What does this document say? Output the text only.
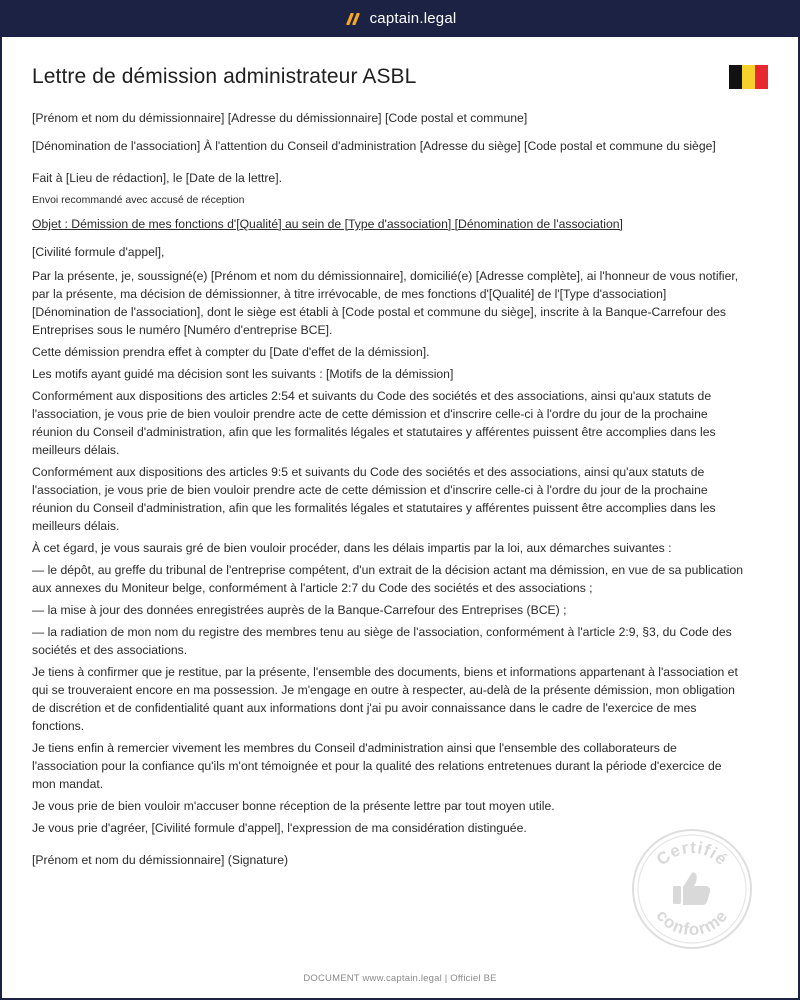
captain.legal
Lettre de démission administrateur ASBL

[Prénom et nom du démissionnaire] [Adresse du démissionnaire] [Code postal et commune]

[Dénomination de l'association] À l'attention du Conseil d'administration [Adresse du siège] [Code postal et commune du siège]

Fait à [Lieu de rédaction], le [Date de la lettre].

Envoi recommandé avec accusé de réception

Objet : Démission de mes fonctions d'[Qualité] au sein de [Type d'association] [Dénomination de l'association]

[Civilité formule d'appel],

Par la présente, je, soussigné(e) [Prénom et nom du démissionnaire], domicilié(e) [Adresse complète], ai l'honneur de vous notifier, par la présente, ma décision de démissionner, à titre irrévocable, de mes fonctions d'[Qualité] de l'[Type d'association] [Dénomination de l'association], dont le siège est établi à [Code postal et commune du siège], inscrite à la Banque-Carrefour des Entreprises sous le numéro [Numéro d'entreprise BCE].

Cette démission prendra effet à compter du [Date d'effet de la démission].

Les motifs ayant guidé ma décision sont les suivants : [Motifs de la démission]

Conformément aux dispositions des articles 2:54 et suivants du Code des sociétés et des associations, ainsi qu'aux statuts de l'association, je vous prie de bien vouloir prendre acte de cette démission et d'inscrire celle-ci à l'ordre du jour de la prochaine réunion du Conseil d'administration, afin que les formalités légales et statutaires y afférentes puissent être accomplies dans les meilleurs délais.

Conformément aux dispositions des articles 9:5 et suivants du Code des sociétés et des associations, ainsi qu'aux statuts de l'association, je vous prie de bien vouloir prendre acte de cette démission et d'inscrire celle-ci à l'ordre du jour de la prochaine réunion du Conseil d'administration, afin que les formalités légales et statutaires y afférentes puissent être accomplies dans les meilleurs délais.

À cet égard, je vous saurais gré de bien vouloir procéder, dans les délais impartis par la loi, aux démarches suivantes :

— le dépôt, au greffe du tribunal de l'entreprise compétent, d'un extrait de la décision actant ma démission, en vue de sa publication aux annexes du Moniteur belge, conformément à l'article 2:7 du Code des sociétés et des associations ;

— la mise à jour des données enregistrées auprès de la Banque-Carrefour des Entreprises (BCE) ;

— la radiation de mon nom du registre des membres tenu au siège de l'association, conformément à l'article 2:9, §3, du Code des sociétés et des associations.

Je tiens à confirmer que je restitue, par la présente, l'ensemble des documents, biens et informations appartenant à l'association et qui se trouveraient encore en ma possession. Je m'engage en outre à respecter, au-delà de la présente démission, mon obligation de discrétion et de confidentialité quant aux informations dont j'ai pu avoir connaissance dans le cadre de l'exercice de mes fonctions.

Je tiens enfin à remercier vivement les membres du Conseil d'administration ainsi que l'ensemble des collaborateurs de l'association pour la confiance qu'ils m'ont témoignée et pour la qualité des relations entretenues durant la période d'exercice de mon mandat.

Je vous prie de bien vouloir m'accuser bonne réception de la présente lettre par tout moyen utile.

Je vous prie d'agréer, [Civilité formule d'appel], l'expression de ma considération distinguée.

[Prénom et nom du démissionnaire] (Signature)	Certifié
conforme
DOCUMENT www.captain.legal | Officiel BE
